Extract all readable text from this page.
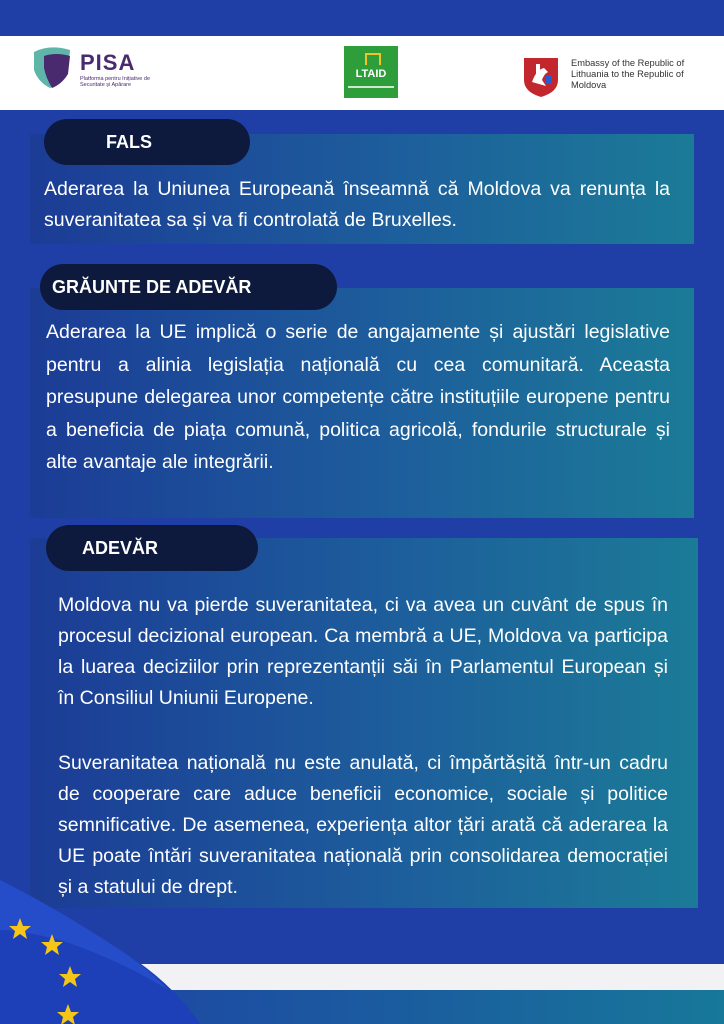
PISA
Platforma pentru Inițiative de Securitate și Apărare
LTAID
Embassy of the Republic of Lithuania to the Republic of Moldova

Aderarea la Uniunea Europeană înseamnă că Moldova va renunța la suveranitatea sa și va fi controlată de Bruxelles.

FALS

Aderarea la UE implică o serie de angajamente și ajustări legislative pentru a alinia legislația națională cu cea comunitară. Aceasta presupune delegarea unor competențe către instituțiile europene pentru a beneficia de piața comună, politica agricolă, fondurile structurale și alte avantaje ale integrării.

GRĂUNTE DE ADEVĂR

Moldova nu va pierde suveranitatea, ci va avea un cuvânt de spus în procesul decizional european. Ca membră a UE, Moldova va participa la luarea deciziilor prin reprezentanții săi în Parlamentul European și în Consiliul Uniunii Europene.

Suveranitatea națională nu este anulată, ci împărtășită într-un cadru de cooperare care aduce beneficii economice, sociale și politice semnificative. De asemenea, experiența altor țări arată că aderarea la UE poate întări suveranitatea națională prin consolidarea democrației și a statului de drept.

ADEVĂR
